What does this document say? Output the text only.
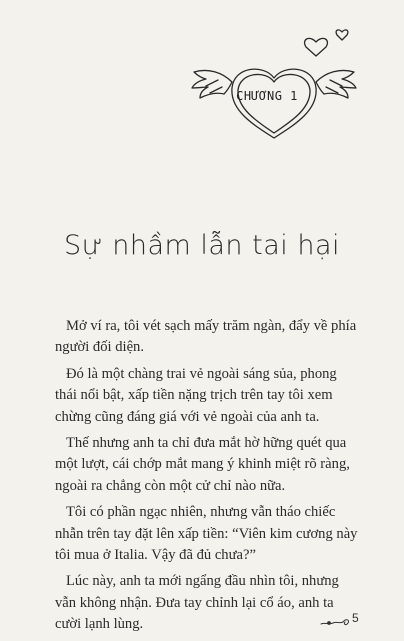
CHƯƠNG 1
Sự nhầm lẫn tai hại

Mở ví ra, tôi vét sạch mấy trăm ngàn, đẩy về phía người đối diện.

Đó là một chàng trai vẻ ngoài sáng sủa, phong thái nổi bật, xấp tiền nặng trịch trên tay tôi xem chừng cũng đáng giá với vẻ ngoài của anh ta.

Thế nhưng anh ta chỉ đưa mắt hờ hững quét qua một lượt, cái chớp mắt mang ý khinh miệt rõ ràng, ngoài ra chẳng còn một cử chỉ nào nữa.

Tôi có phần ngạc nhiên, nhưng vẫn tháo chiếc nhẫn trên tay đặt lên xấp tiền: “Viên kim cương này tôi mua ở Italia. Vậy đã đủ chưa?”

Lúc này, anh ta mới ngẩng đầu nhìn tôi, nhưng vẫn không nhận. Đưa tay chỉnh lại cổ áo, anh ta cười lạnh lùng.	5
